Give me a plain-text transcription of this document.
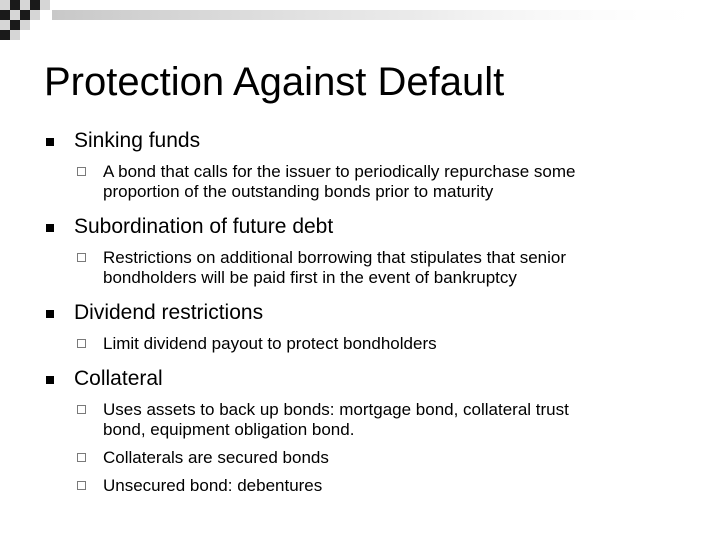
Protection Against Default
Sinking funds
A bond that calls for the issuer to periodically repurchase some
proportion of the outstanding bonds prior to maturity
Subordination of future debt
Restrictions on additional borrowing that stipulates that senior
bondholders will be paid first in the event of bankruptcy
Dividend restrictions
Limit dividend payout to protect bondholders
Collateral
Uses assets to back up bonds: mortgage bond, collateral trust
bond, equipment obligation bond.
Collaterals are secured bonds
Unsecured bond: debentures
